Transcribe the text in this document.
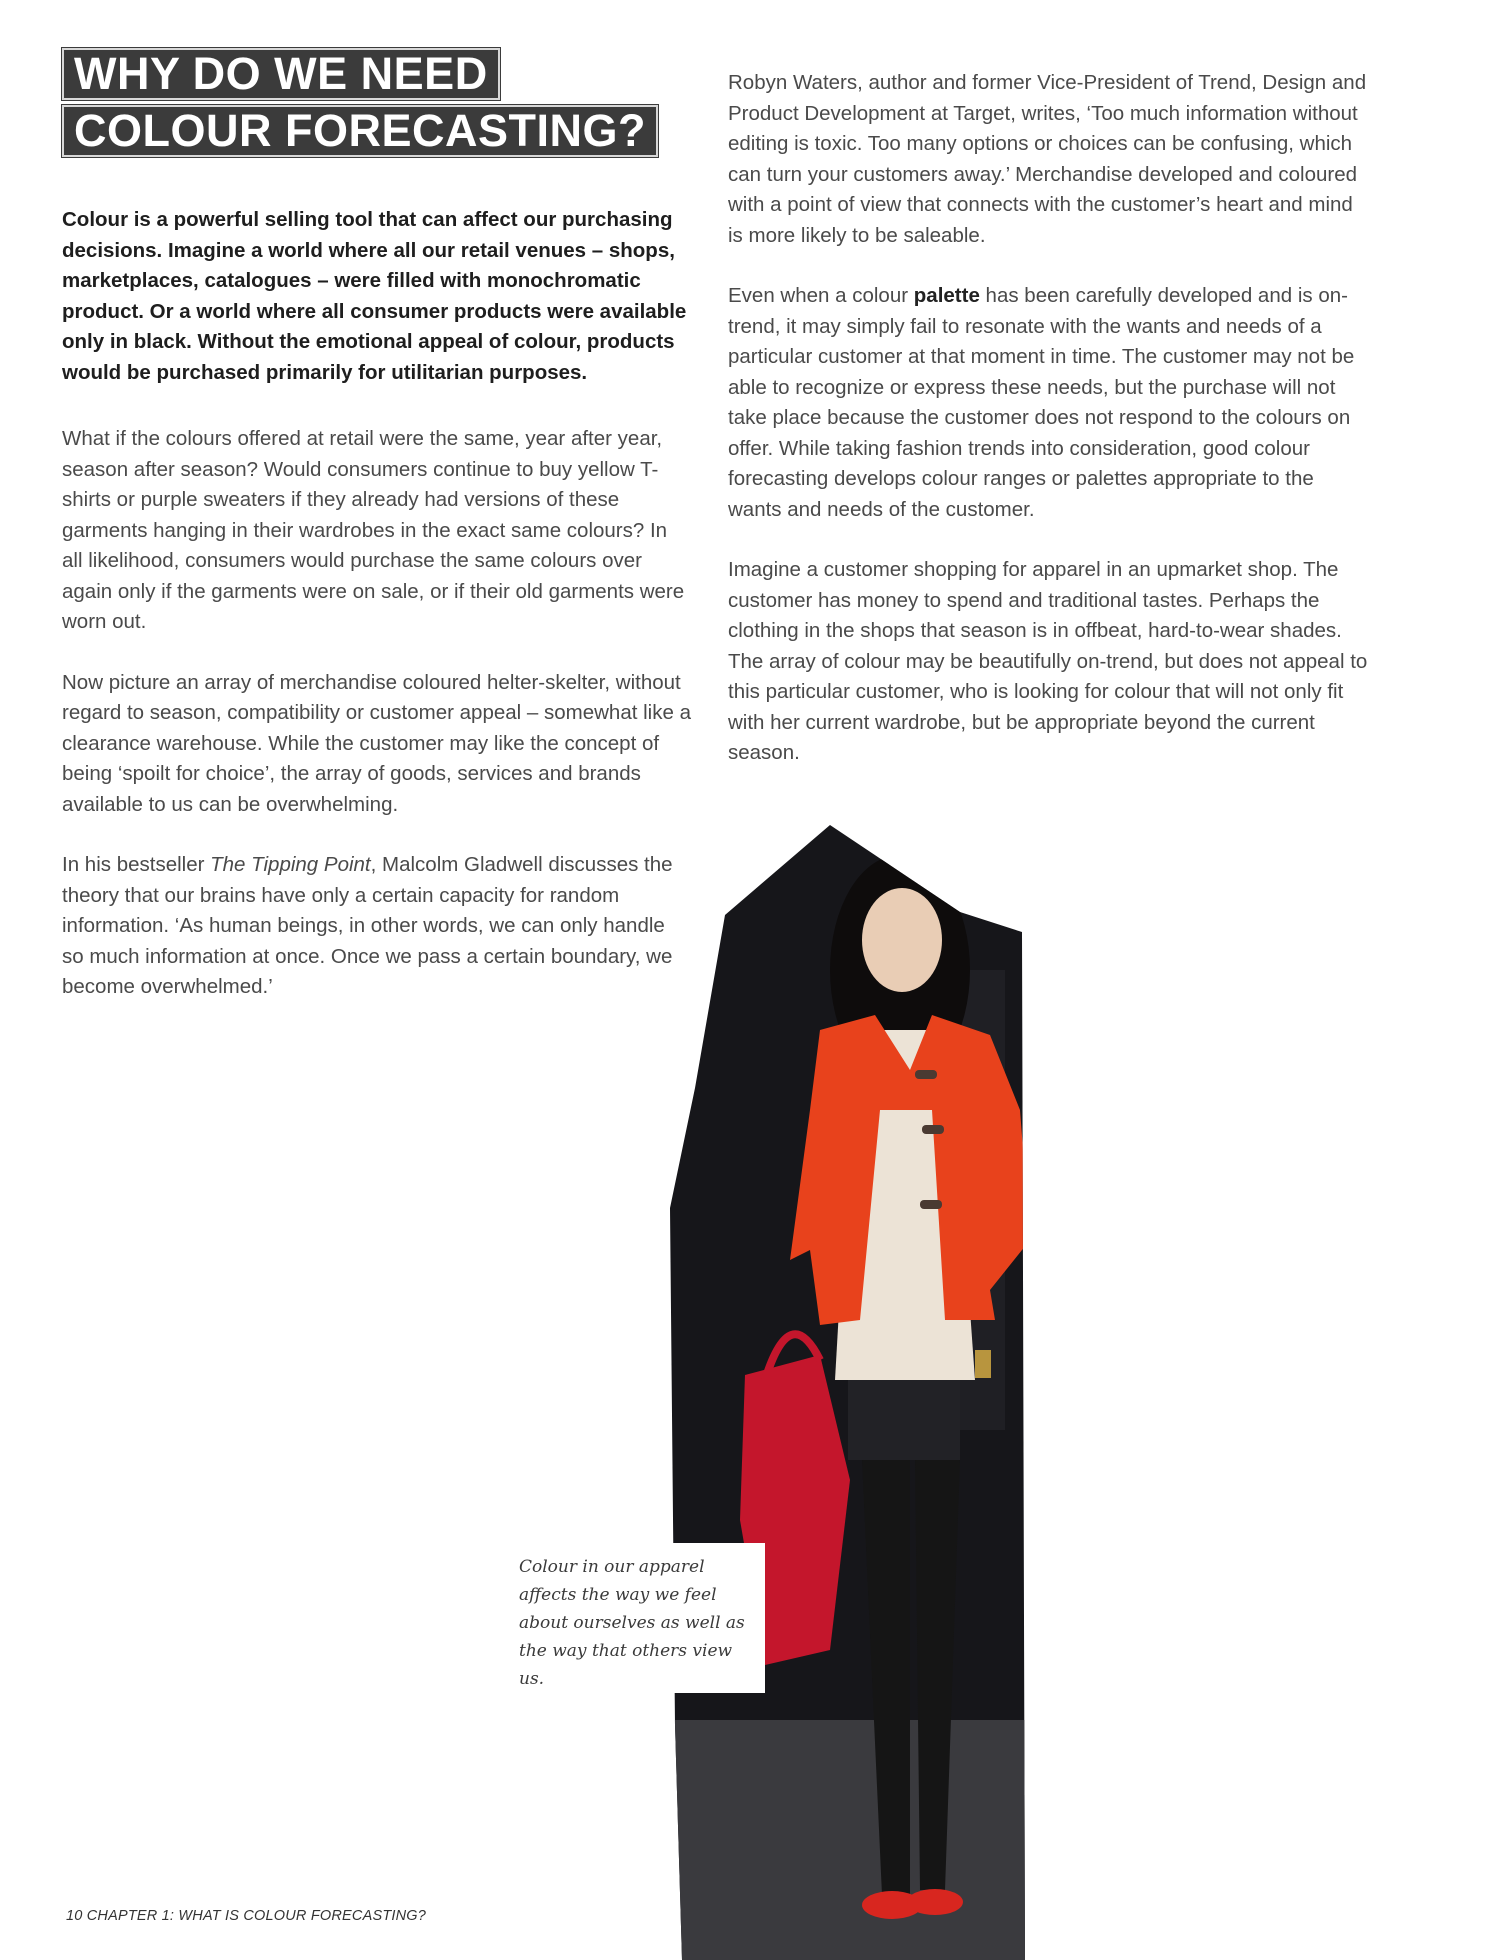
WHY DO WE NEED
COLOUR FORECASTING?

Colour is a powerful selling tool that can affect our purchasing decisions. Imagine a world where all our retail venues – shops, marketplaces, catalogues – were filled with monochromatic product. Or a world where all consumer products were available only in black. Without the emotional appeal of colour, products would be purchased primarily for utilitarian purposes.

What if the colours offered at retail were the same, year after year, season after season? Would consumers continue to buy yellow T-shirts or purple sweaters if they already had versions of these garments hanging in their wardrobes in the exact same colours? In all likelihood, consumers would purchase the same colours over again only if the garments were on sale, or if their old garments were worn out.

Now picture an array of merchandise coloured helter-skelter, without regard to season, compatibility or customer appeal – somewhat like a clearance warehouse. While the customer may like the concept of being ‘spoilt for choice’, the array of goods, services and brands available to us can be overwhelming.

In his bestseller The Tipping Point, Malcolm Gladwell discusses the theory that our brains have only a certain capacity for random information. ‘As human beings, in other words, we can only handle so much information at once. Once we pass a certain boundary, we become overwhelmed.’

Robyn Waters, author and former Vice-President of Trend, Design and Product Development at Target, writes, ‘Too much information without editing is toxic. Too many options or choices can be confusing, which can turn your customers away.’ Merchandise developed and coloured with a point of view that connects with the customer’s heart and mind is more likely to be saleable.

Even when a colour palette has been carefully developed and is on-trend, it may simply fail to resonate with the wants and needs of a particular customer at that moment in time. The customer may not be able to recognize or express these needs, but the purchase will not take place because the customer does not respond to the colours on offer. While taking fashion trends into consideration, good colour forecasting develops colour ranges or palettes appropriate to the wants and needs of the customer.

Imagine a customer shopping for apparel in an upmarket shop. The customer has money to spend and traditional tastes. Perhaps the clothing in the shops that season is in offbeat, hard-to-wear shades. The array of colour may be beautifully on-trend, but does not appeal to this particular customer, who is looking for colour that will not only fit with her current wardrobe, but be appropriate beyond the current season.

Colour in our apparel affects the way we feel about ourselves as well as the way that others view us.
10 CHAPTER 1: WHAT IS COLOUR FORECASTING?
